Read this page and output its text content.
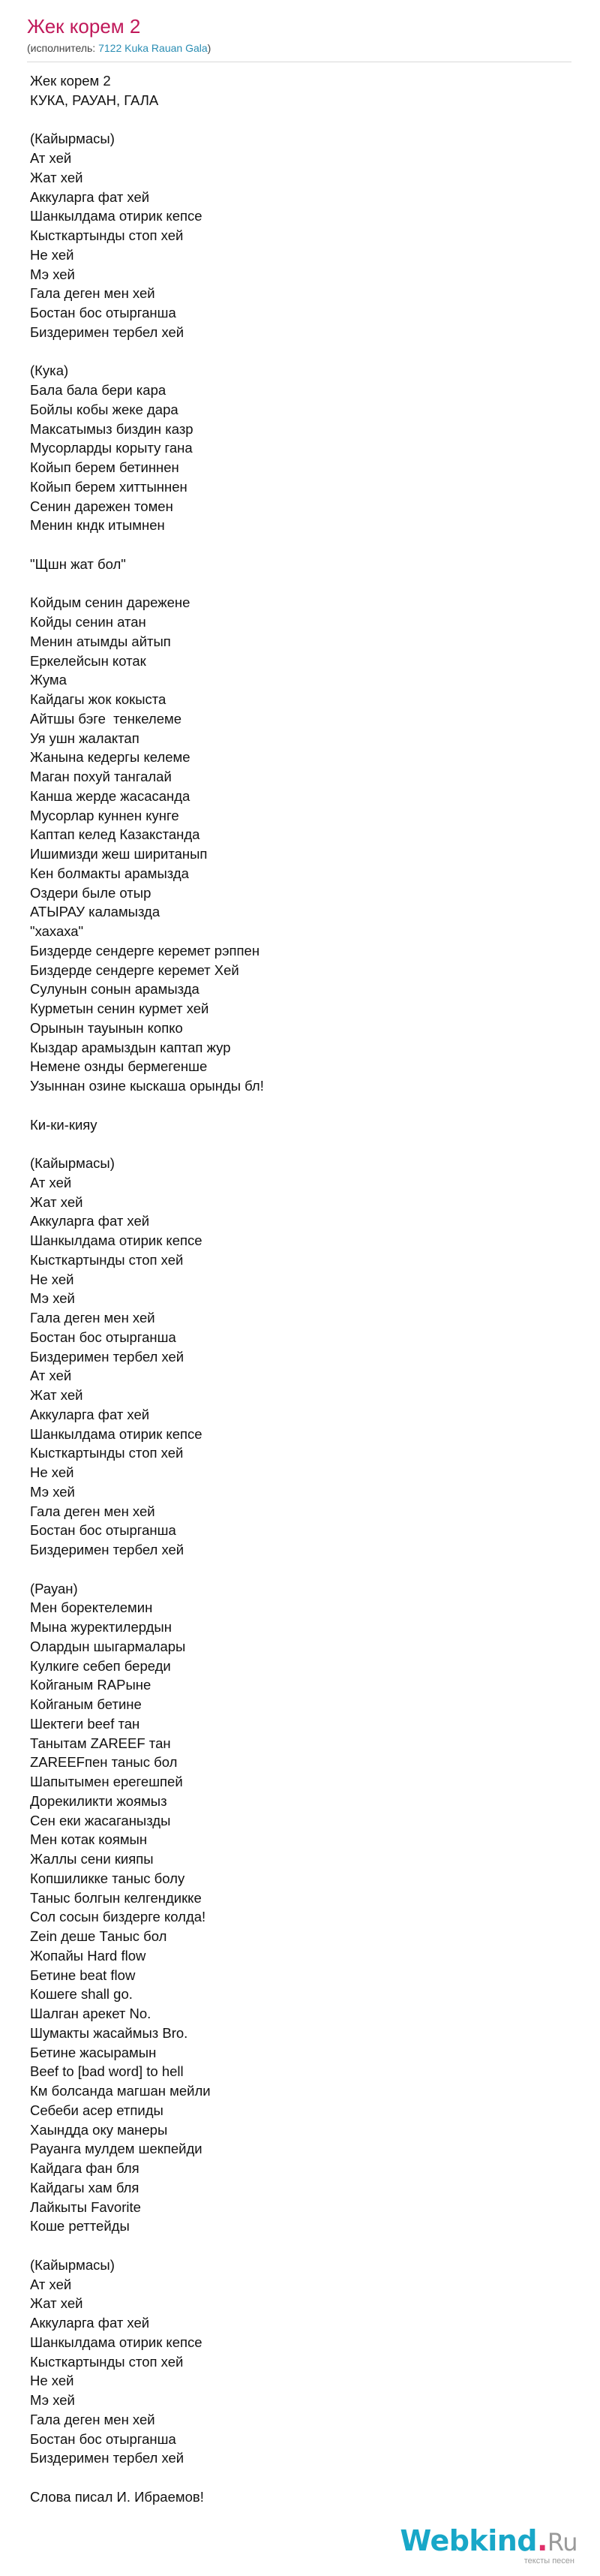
Жек корем 2
(исполнитель: 7122 Kuka Rauan Gala)
Жек корем 2
КУКА, РАУАН, ГАЛА
(Кайырмасы)
Ат хей
Жат хей
Аккуларга фат хей
Шанкылдама отирик кепсе
Кысткартынды стоп хей
Не хей
Мэ хей
Гала деген мен хей
Бостан бос отырганша
Биздеримен тербел хей
(Кука)
Бала бала бери кара
Бойлы кобы жеке дара
Максатымыз биздин казр
Мусорларды корыту гана
Койып берем бетиннен
Койып берем хиттыннен
Сенин дарежен томен
Менин кндк итымнен
"Щшн жат бол"
Койдым сенин дарежене
Койды сенин атан
Менин атымды айтып
Еркелейсын котак
Жума
Кайдагы жок кокыста
Айтшы бэге  тенкелеме
Уя ушн жалактап
Жанына кедергы келеме
Маган похуй тангалай
Канша жерде жасасанда
Мусорлар куннен кунге
Каптап келед Казакстанда
Ишимизди жеш шиританып
Кен болмакты арамызда
Оздери быле отыр
АТЫРАУ каламызда
"хахаха"
Биздерде сендерге керемет рэппен
Биздерде сендерге керемет Хей
Сулунын сонын арамызда
Курметын сенин курмет хей
Орынын тауынын копко
Кыздар арамыздын каптап жур
Немене ознды бермегенше
Узыннан озине кыскаша орынды бл!
Ки-ки-кияу
(Кайырмасы)
Ат хей
Жат хей
Аккуларга фат хей
Шанкылдама отирик кепсе
Кысткартынды стоп хей
Не хей
Мэ хей
Гала деген мен хей
Бостан бос отырганша
Биздеримен тербел хей
Ат хей
Жат хей
Аккуларга фат хей
Шанкылдама отирик кепсе
Кысткартынды стоп хей
Не хей
Мэ хей
Гала деген мен хей
Бостан бос отырганша
Биздеримен тербел хей
(Рауан)
Мен боректелемин
Мына журектилердын
Олардын шыгармалары
Кулкиге себеп береди
Койганым RAPыне
Койганым бетине
Шектеги beef тан
Танытам ZAREEF тан
ZAREEFпен таныс бол
Шапытымен ерегешпей
Дорекиликти жоямыз
Сен еки жасаганызды
Мен котак коямын
Жаллы сени кияпы
Копшиликке таныс болу
Таныс болгын келгендикке
Сол сосын биздерге колда!
Zein деше Таныс бол
Жопайы Hard flow
Бетине beat flow
Кошеге shall go.
Шалган арекет No.
Шумакты жасаймыз Bro.
Бетине жасырамын
Beef to [bad word] to hell
Км болсанда магшан мейли
Себеби асер етпиды
Хаындда оку манеры
Рауанга мулдем шекпейди
Кайдага фан бля
Кайдагы хам бля
Лайкыты Favorite
Коше реттейды
(Кайырмасы)
Ат хей
Жат хей
Аккуларга фат хей
Шанкылдама отирик кепсе
Кысткартынды стоп хей
Не хей
Мэ хей
Гала деген мен хей
Бостан бос отырганша
Биздеримен тербел хей
Слова писал И. Ибраемов!
Webkind.Ru
тексты песен
